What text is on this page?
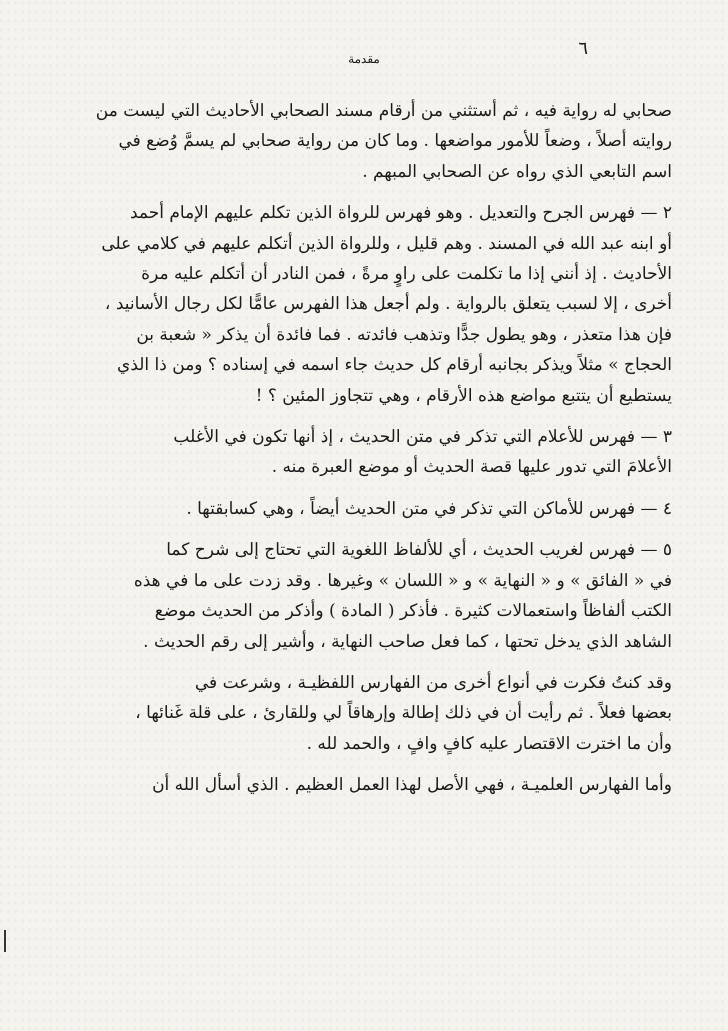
٦
مقدمة

صحابي له رواية فيه ، ثم أستثني من أرقام مسند الصحابي الأحاديث التي ليست من
روايته أصلاً ، وضعاً للأمور مواضعها . وما كان من رواية صحابي لم يسمَّ وُضع في
اسم التابعي الذي رواه عن الصحابي المبهم .

٢ — فهرس الجرح والتعديل . وهو فهرس للرواة الذين تكلم عليهم الإمام أحمد
أو ابنه عبد الله في المسند . وهم قليل ، وللرواة الذين أتكلم عليهم في كلامي على
الأحاديث . إذ أنني إذا ما تكلمت على راوٍ مرةً ، فمن النادر أن أتكلم عليه مرة
أخرى ، إلا لسبب يتعلق بالرواية . ولم أجعل هذا الفهرس عامًّا لكل رجال الأسانيد ،
فإن هذا متعذر ، وهو يطول جدًّا وتذهب فائدته . فما فائدة أن يذكر « شعبة بن
الحجاج » مثلاً ويذكر بجانبه أرقام كل حديث جاء اسمه في إسناده ؟ ومن ذا الذي
يستطيع أن يتتبع مواضع هذه الأرقام ، وهي تتجاوز المئين ؟ !

٣ — فهرس للأعلام التي تذكر في متن الحديث ، إذ أنها تكون في الأغلب
الأعلامَ التي تدور عليها قصة الحديث أو موضع العبرة منه .

٤ — فهرس للأماكن التي تذكر في متن الحديث أيضاً ، وهي كسابقتها .

٥ — فهرس لغريب الحديث ، أي للألفاظ اللغوية التي تحتاج إلى شرح كما
في « الفائق » و « النهاية » و « اللسان » وغيرها . وقد زدت على ما في هذه
الكتب ألفاظاً واستعمالات كثيرة . فأذكر ( المادة ) وأذكر من الحديث موضع
الشاهد الذي يدخل تحتها ، كما فعل صاحب النهاية ، وأشير إلى رقم الحديث .

وقد كنتُ فكرت في أنواع أخرى من الفهارس اللفظيـة ، وشرعت في
بعضها فعلاً . ثم رأيت أن في ذلك إطالة وإرهاقاً لي وللقارئ ، على قلة غَنائها ،
وأن ما اخترت الاقتصار عليه كافٍ وافٍ ، والحمد لله .

وأما الفهارس العلميـة ، فهي الأصل لهذا العمل العظيم . الذي أسأل الله أن
